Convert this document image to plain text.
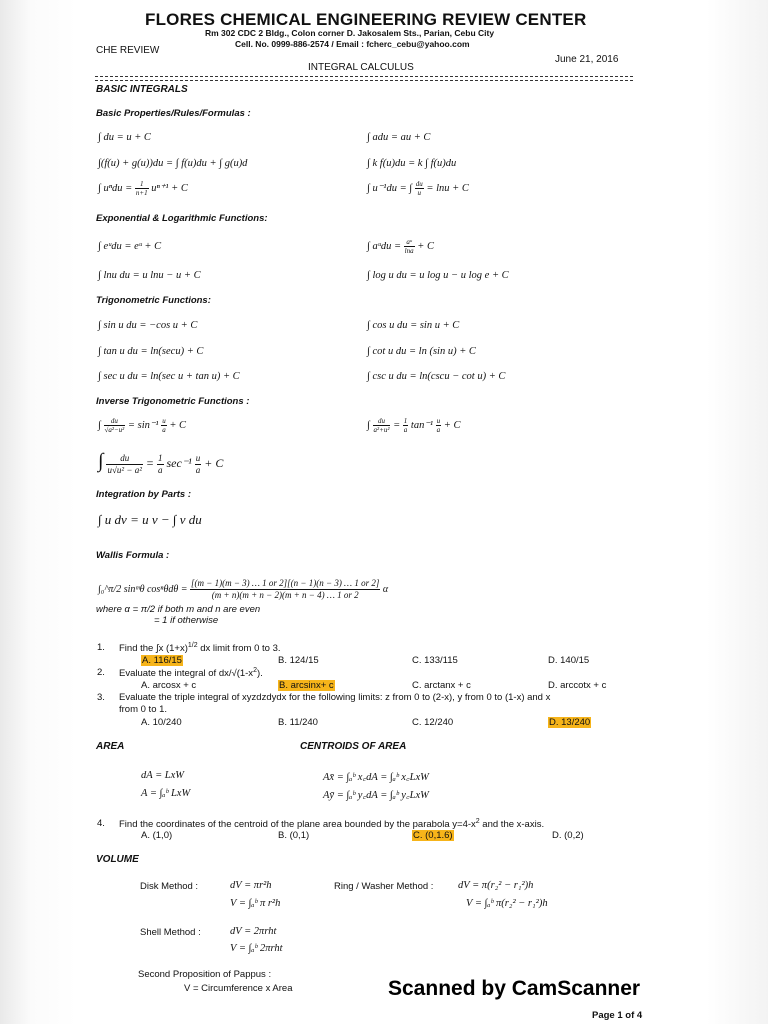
FLORES CHEMICAL ENGINEERING REVIEW CENTER
Rm 302 CDC 2 Bldg., Colon corner D. Jakosalem Sts., Parian, Cebu City
Cell. No. 0999-886-2574 / Email : fcherc_cebu@yahoo.com
CHE REVIEW
June 21, 2016
INTEGRAL CALCULUS
BASIC INTEGRALS
Basic Properties/Rules/Formulas :
∫ du = u + C	∫ adu = au + C
∫(f(u) + g(u))du = ∫ f(u)du + ∫ g(u)d	∫ k f(u)du = k ∫ f(u)du
∫ $u^ndu = \frac{1}{n+1} u^{n+1} + C$	∫ u⁻¹du = ∫ $\frac{du}{u} = \ln u + C$
Exponential & Logarithmic Functions:
∫ eᵘdu = eᵘ + C	∫ aᵘdu = $\frac{\text{aᵘ}}{\ln a} + C$
∫ lnu du = u lnu − u + C	∫ log u du = u log u − u log e + C
Trigonometric Functions:
∫ sin u du = −cos u + C	∫ cos u du = sin u + C
∫ tan u du = ln(secu) + C	∫ cot u du = ln (sin u) + C
∫ sec u du = ln(sec u + tan u) + C	∫ csc u du = ln(cscu − cot u) + C
Inverse Trigonometric Functions :
∫ $\frac{du}{\text{√a²−u²}} = \sin^{-1} \frac{u}{a} + C$	∫ $\frac{du}{\text{a²+u²}} = \frac{1}{a} \tan^{-1} \frac{u}{a} + C$
∫ $\frac{du}{\text{u√u² − a²}} = \frac{1}{a} \sec^{-1} \frac{u}{a} + C$
Integration by Parts :
∫ u dv = u v − ∫ v du
Wallis Formula :
∫₀^π/2 sinᵐθ $\cos^n\theta d\theta = \frac{[(m - 1)(m - 3) \dots 1 or 2][(n - 1)(n - 3) \dots 1 or 2]}{(m + n)(m + n - 2)(m + n - 4) \dots 1 or 2}$ α
where α = π/2 if both m and n are even
= 1 if otherwise
1. Find the ∫x $(1+x)^{1/2}$ dx limit from 0 to 3.
A. 116/15	B. 124/15	C. 133/115	D. 140/15
2. Evaluate the integral of $dx/√(1-x^2)$.
A. arcosx + c	B. arcsinx+ c	C. arctanx + c	D. arccotx + c
3. Evaluate the triple integral of xyzdzdydx for the following limits: z from 0 to (2-x), y from 0 to (1-x) and x
from 0 to 1.
A. 10/240	B. 11/240	C. 12/240	D. 13/240
AREA	CENTROIDS OF AREA
dA = LxW
A = ∫ₐᵇ LxW
Ax̄ = ∫ₐᵇ x꜀dA = ∫ₐᵇ x꜀LxW
Aȳ = ∫ₐᵇ y꜀dA = ∫ₐᵇ y꜀LxW
4. Find the coordinates of the centroid of the plane area bounded by the parabola $y=4-x^2$ and the x-axis.
A. (1,0)	B. (0,1)	C. (0,1.6)	D. (0,2)
VOLUME
Disk Method :	dV = πr²h
V = ∫ₐᵇ π r²h
Ring / Washer Method : dV = π(r₂² − r₁²)h
V = ∫ₐᵇ π(r₂² − r₁²)h
Shell Method :	dV = 2πrht
V = ∫ₐᵇ 2πrht
Second Proposition of Pappus :
V = Circumference x Area	Scanned by CamScanner
Page 1 of 4
